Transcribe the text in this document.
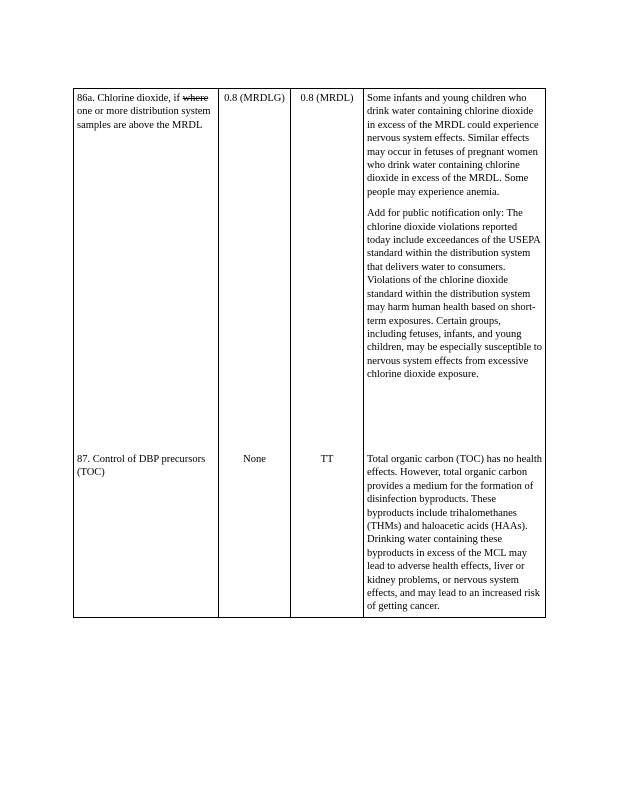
86a. Chlorine dioxide, if where one or more distribution system samples are above the MRDL	0.8 (MRDLG)	0.8 (MRDL)	Some infants and young children who drink water containing chlorine dioxide in excess of the MRDL could experience nervous system effects. Similar effects may occur in fetuses of pregnant women who drink water containing chlorine dioxide in excess of the MRDL. Some people may experience anemia.

Add for public notification only: The chlorine dioxide violations reported today include exceedances of the USEPA standard within the distribution system that delivers water to consumers. Violations of the chlorine dioxide standard within the distribution system may harm human health based on short-term exposures. Certain groups, including fetuses, infants, and young children, may be especially susceptible to nervous system effects from excessive chlorine dioxide exposure.

87. Control of DBP precursors (TOC)	None	TT	Total organic carbon (TOC) has no health effects. However, total organic carbon provides a medium for the formation of disinfection byproducts. These byproducts include trihalomethanes (THMs) and haloacetic acids (HAAs). Drinking water containing these byproducts in excess of the MCL may lead to adverse health effects, liver or kidney problems, or nervous system effects, and may lead to an increased risk of getting cancer.
